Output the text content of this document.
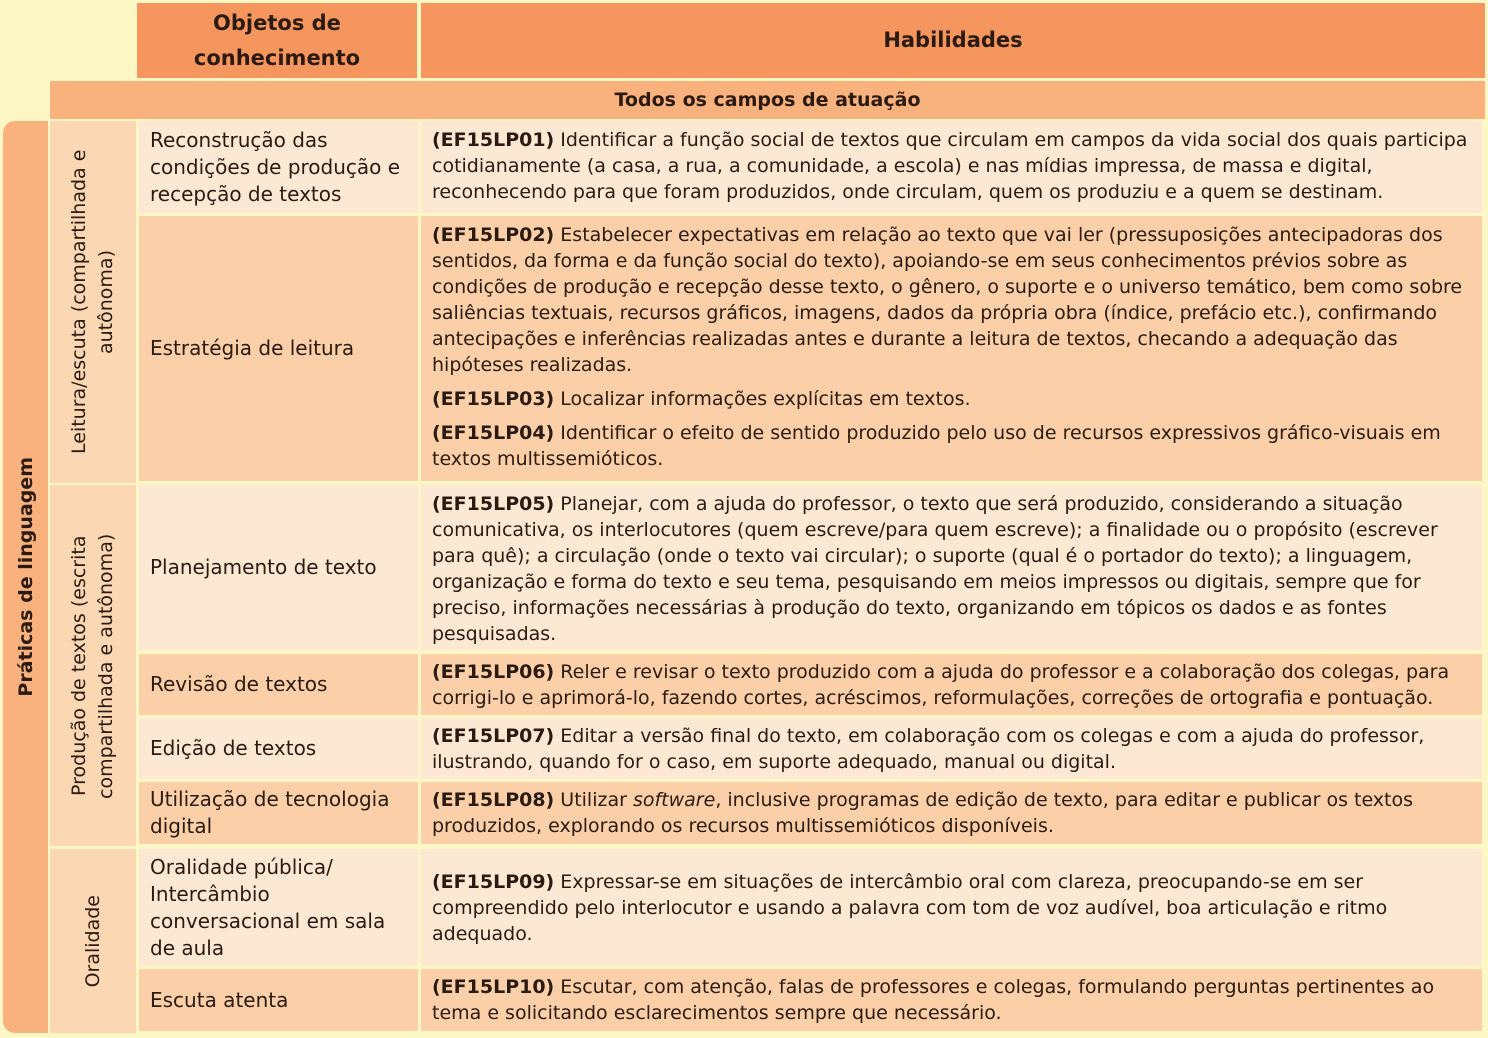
Objetos de conhecimento
Habilidades
Todos os campos de atuação
Práticas de linguagem
Leitura/escuta (compartilhada e autônoma)
Produção de textos (escrita compartilhada e autônoma)
Oralidade
Reconstrução das condições de produção e recepção de textos

(EF15LP01) Identificar a função social de textos que circulam em campos da vida social dos quais participa cotidianamente (a casa, a rua, a comunidade, a escola) e nas mídias impressa, de massa e digital, reconhecendo para que foram produzidos, onde circulam, quem os produziu e a quem se destinam.

Estratégia de leitura

(EF15LP02) Estabelecer expectativas em relação ao texto que vai ler (pressuposições antecipadoras dos sentidos, da forma e da função social do texto), apoiando-se em seus conhecimentos prévios sobre as condições de produção e recepção desse texto, o gênero, o suporte e o universo temático, bem como sobre saliências textuais, recursos gráficos, imagens, dados da própria obra (índice, prefácio etc.), confirmando antecipações e inferências realizadas antes e durante a leitura de textos, checando a adequação das hipóteses realizadas.

(EF15LP03) Localizar informações explícitas em textos.

(EF15LP04) Identificar o efeito de sentido produzido pelo uso de recursos expressivos gráfico-visuais em textos multissemióticos.

Planejamento de texto

(EF15LP05) Planejar, com a ajuda do professor, o texto que será produzido, considerando a situação comunicativa, os interlocutores (quem escreve/para quem escreve); a finalidade ou o propósito (escrever para quê); a circulação (onde o texto vai circular); o suporte (qual é o portador do texto); a linguagem, organização e forma do texto e seu tema, pesquisando em meios impressos ou digitais, sempre que for preciso, informações necessárias à produção do texto, organizando em tópicos os dados e as fontes pesquisadas.

Revisão de textos

(EF15LP06) Reler e revisar o texto produzido com a ajuda do professor e a colaboração dos colegas, para corrigi-lo e aprimorá-lo, fazendo cortes, acréscimos, reformulações, correções de ortografia e pontuação.

Edição de textos

(EF15LP07) Editar a versão final do texto, em colaboração com os colegas e com a ajuda do professor, ilustrando, quando for o caso, em suporte adequado, manual ou digital.

Utilização de tecnologia digital

(EF15LP08) Utilizar software, inclusive programas de edição de texto, para editar e publicar os textos produzidos, explorando os recursos multissemióticos disponíveis.

Oralidade pública/ Intercâmbio conversacional em sala de aula

(EF15LP09) Expressar-se em situações de intercâmbio oral com clareza, preocupando-se em ser compreendido pelo interlocutor e usando a palavra com tom de voz audível, boa articulação e ritmo adequado.

Escuta atenta

(EF15LP10) Escutar, com atenção, falas de professores e colegas, formulando perguntas pertinentes ao tema e solicitando esclarecimentos sempre que necessário.
